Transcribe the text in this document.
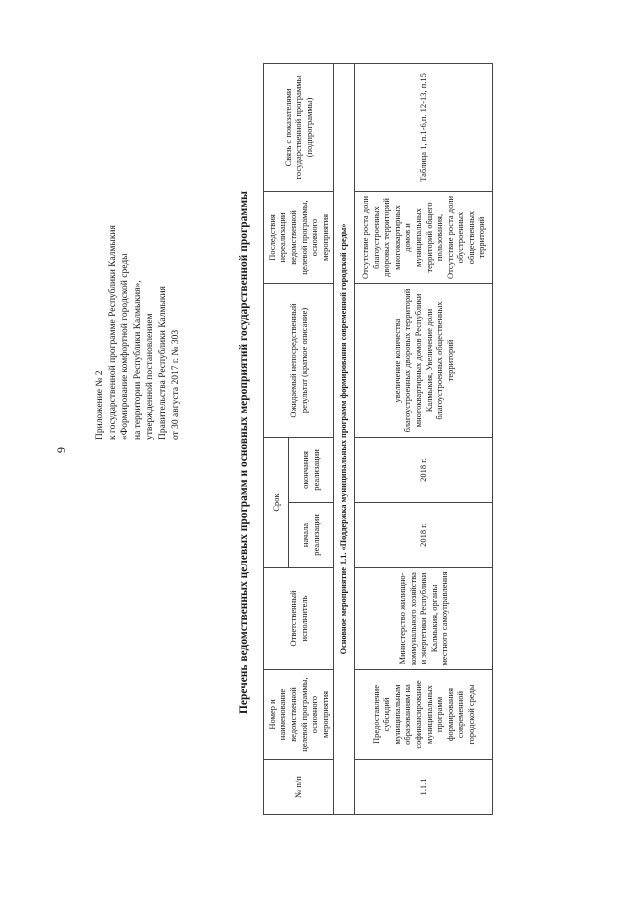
9
Приложение № 2 к государственной программе Республики Калмыкия «Формирование комфортной городской среды на территории Республики Калмыкия», утвержденной постановлением Правительства Республики Калмыкия от 30 августа 2017 г. № 303	Перечень ведомственных целевых программ и основных мероприятий государственной программы
№ п/п	Номер и наименование ведомственной целевой программы, основного мероприятия	Ответственный исполнитель	Срок		Ожидаемый непосредственный результат (краткое описание)	Последствия нереализации ведомственной целевой программы, основного мероприятия	Связь с показателями государственной программы (подпрограммы)
			начала реализации	окончания реализации			
Основное мероприятие 1.1. «Поддержка муниципальных программ формирования современной городской среды»							
1.1.1	Предоставление субсидий муниципальным образованиям на софинансирование муниципальных программ формирования современной городской среды	Министерство жилищно-коммунального хозяйства и энергетики Республики Калмыкия, органы местного самоуправления	2018 г.	2018 г.	увеличение количества благоустроенных дворовых территорий многоквартирных домов Республики Калмыкия, Увеличение доли благоустроенных общественных территорий	Отсутствие роста доли благоустроенных дворовых территорий многоквартирных домов и муниципальных территорий общего пользования, Отсутствие роста доли обустроенных общественных территорий	Таблица 1, п.1-6,п. 12-13, п.15
